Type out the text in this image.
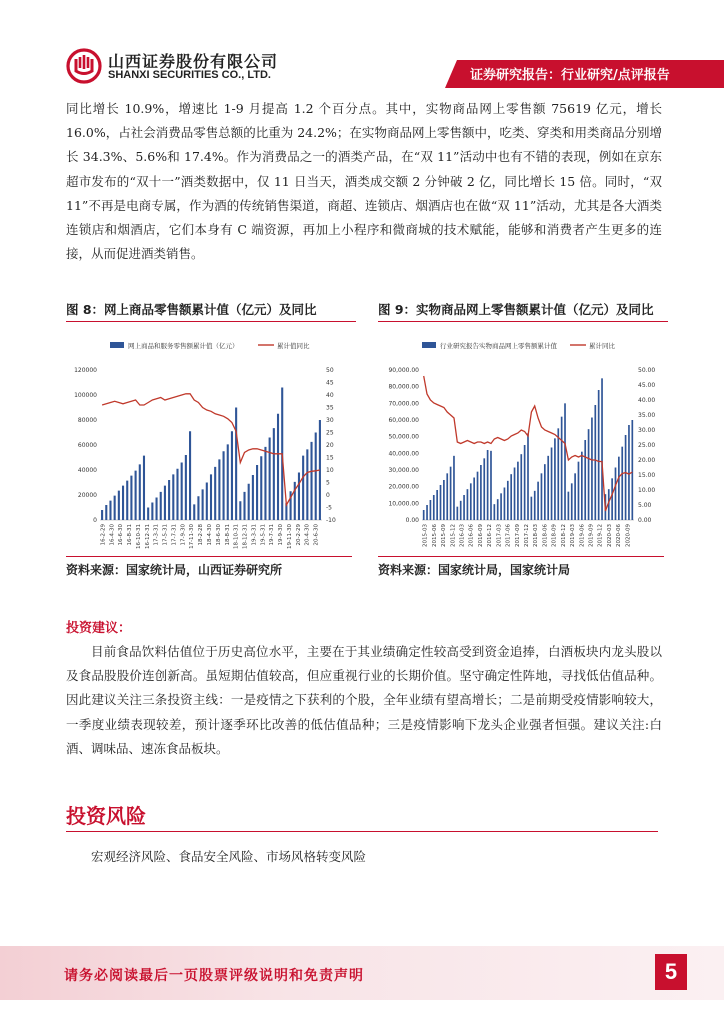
山西证券股份有限公司
SHANXI SECURITIES CO., LTD.	证券研究报告：行业研究/点评报告

同比增长 10.9%，增速比 1-9 月提高 1.2 个百分点。其中，实物商品网上零售额 75619 亿元，增长 16.0%，占社会消费品零售总额的比重为 24.2%；在实物商品网上零售额中，吃类、穿类和用类商品分别增长 34.3%、5.6%和 17.4%。作为消费品之一的酒类产品，在“双 11”活动中也有不错的表现，例如在京东超市发布的“双十一”酒类数据中，仅 11 日当天，酒类成交额 2 分钟破 2 亿，同比增长 15 倍。同时，“双 11”不再是电商专属，作为酒的传统销售渠道，商超、连锁店、烟酒店也在做“双 11”活动，尤其是各大酒类连锁店和烟酒店，它们本身有 C 端资源，再加上小程序和微商城的技术赋能，能够和消费者产生更多的连接，从而促进酒类销售。

图 8：网上商品零售额累计值（亿元）及同比
网上商品和服务零售额累计值（亿元）	累计值同比
0
20000
40000
60000
80000
100000
120000
-10
-5
0
5
10
15
20
25
30
35
40
45
50
16-2-29 16-4-30 16-6-30 16-8-31 16-10-31 16-12-31 17-3-31 17-5-31 17-7-31 17-9-30 17-11-30 18-2-28 18-4-30 18-6-30 18-8-31 18-10-31 18-12-31 19-3-31 19-5-31 19-7-31 19-9-30 19-11-30 20-2-29 20-4-30 20-6-30
图 9：实物商品网上零售额累计值（亿元）及同比
行业研究报告实物商品网上零售额累计值	累计同比
0.00
10,000.00
20,000.00
30,000.00
40,000.00
50,000.00
60,000.00
70,000.00
80,000.00
90,000.00
0.00
5.00
10.00
15.00
20.00
25.00
30.00
35.00
40.00
45.00
50.00
2015-03 2015-06 2015-09 2015-12 2016-03 2016-06 2016-09 2016-12 2017-03 2017-06 2017-09 2017-12 2018-03 2018-06 2018-09 2018-12 2019-03 2019-06 2019-09 2019-12 2020-03 2020-06 2020-09
资料来源：国家统计局，山西证券研究所	资料来源：国家统计局，国家统计局
投资建议：

目前食品饮料估值位于历史高位水平，主要在于其业绩确定性较高受到资金追捧，白酒板块内龙头股以及食品股股价连创新高。虽短期估值较高，但应重视行业的长期价值。坚守确定性阵地，寻找低估值品种。因此建议关注三条投资主线：一是疫情之下获利的个股，全年业绩有望高增长；二是前期受疫情影响较大，一季度业绩表现较差，预计逐季环比改善的低估值品种；三是疫情影响下龙头企业强者恒强。建议关注:白酒、调味品、速冻食品板块。

投资风险

宏观经济风险、食品安全风险、市场风格转变风险

请务必阅读最后一页股票评级说明和免责声明	5
